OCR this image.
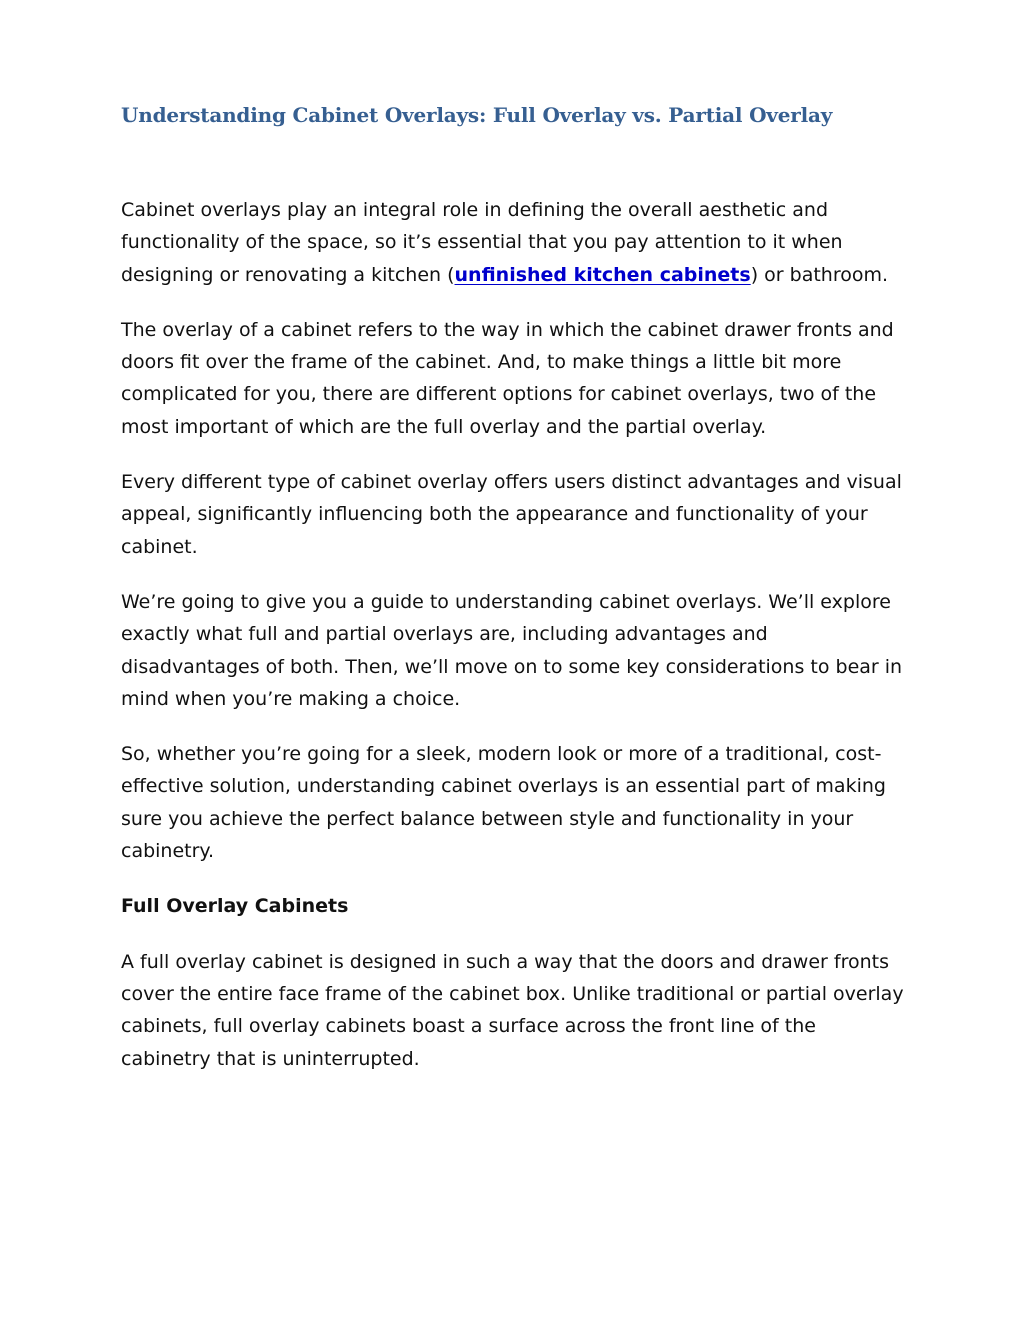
Understanding Cabinet Overlays: Full Overlay vs. Partial Overlay

Cabinet overlays play an integral role in defining the overall aesthetic and functionality of the space, so it’s essential that you pay attention to it when designing or renovating a kitchen (unfinished kitchen cabinets) or bathroom.

The overlay of a cabinet refers to the way in which the cabinet drawer fronts and doors fit over the frame of the cabinet. And, to make things a little bit more complicated for you, there are different options for cabinet overlays, two of the most important of which are the full overlay and the partial overlay.

Every different type of cabinet overlay offers users distinct advantages and visual appeal, significantly influencing both the appearance and functionality of your cabinet.

We’re going to give you a guide to understanding cabinet overlays. We’ll explore exactly what full and partial overlays are, including advantages and disadvantages of both. Then, we’ll move on to some key considerations to bear in mind when you’re making a choice.

So, whether you’re going for a sleek, modern look or more of a traditional, cost-effective solution, understanding cabinet overlays is an essential part of making sure you achieve the perfect balance between style and functionality in your cabinetry.

Full Overlay Cabinets

A full overlay cabinet is designed in such a way that the doors and drawer fronts cover the entire face frame of the cabinet box. Unlike traditional or partial overlay cabinets, full overlay cabinets boast a surface across the front line of the cabinetry that is uninterrupted.
